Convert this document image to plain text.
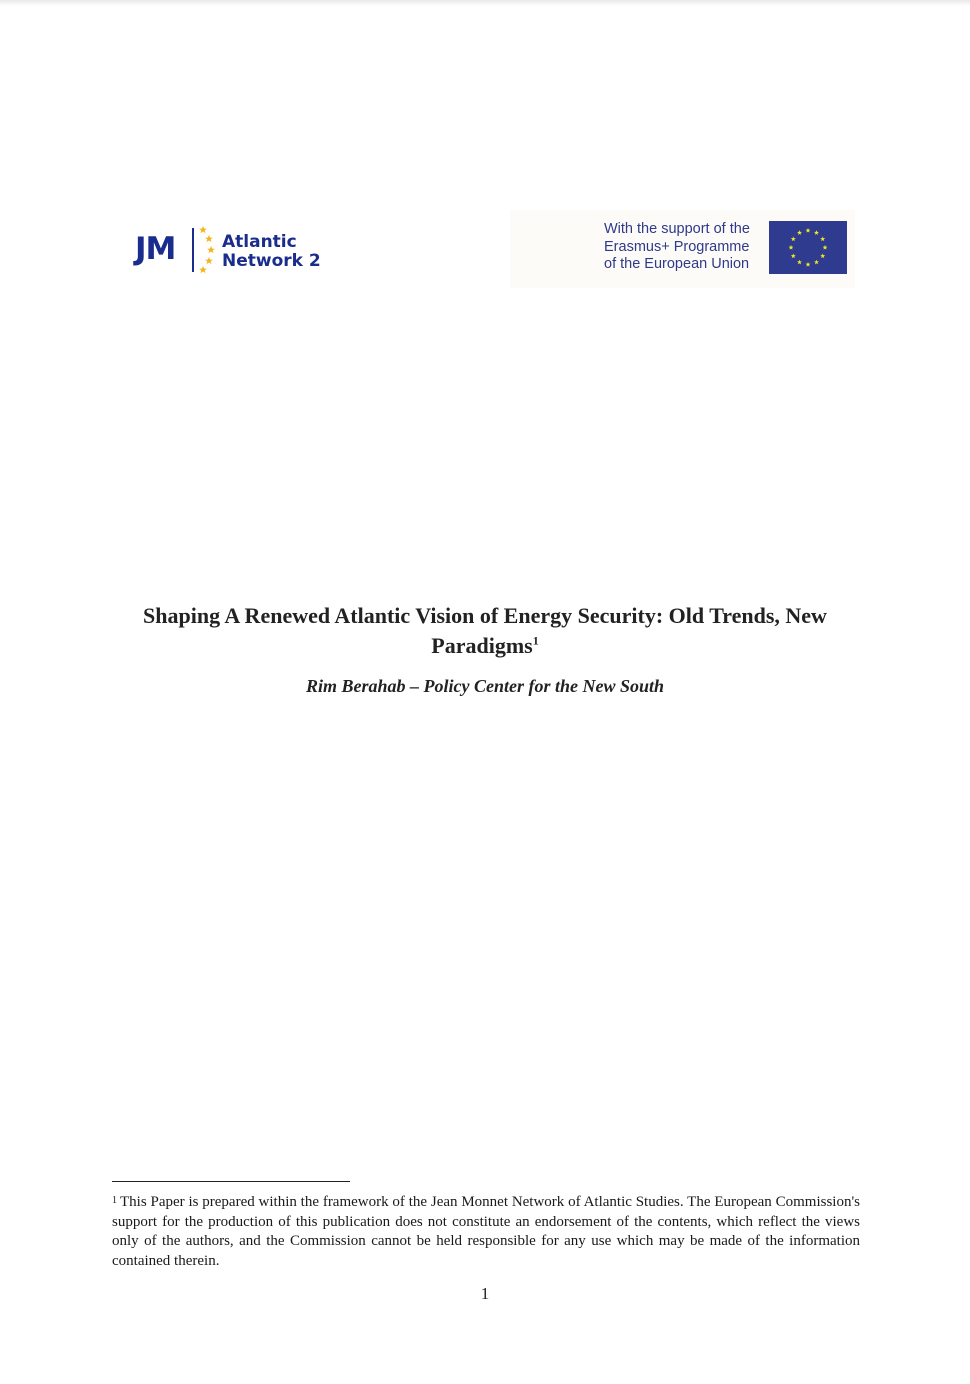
JM	Atlantic
Network 2
With the support of the
Erasmus+ Programme
of the European Union
Shaping A Renewed Atlantic Vision of Energy Security: Old Trends, New Paradigms$^1$
Rim Berahab – Policy Center for the New South
$^1$ This Paper is prepared within the framework of the Jean Monnet Network of Atlantic Studies. The European Commission's support for the production of this publication does not constitute an endorsement of the contents, which reflect the views only of the authors, and the Commission cannot be held responsible for any use which may be made of the information contained therein.
1
